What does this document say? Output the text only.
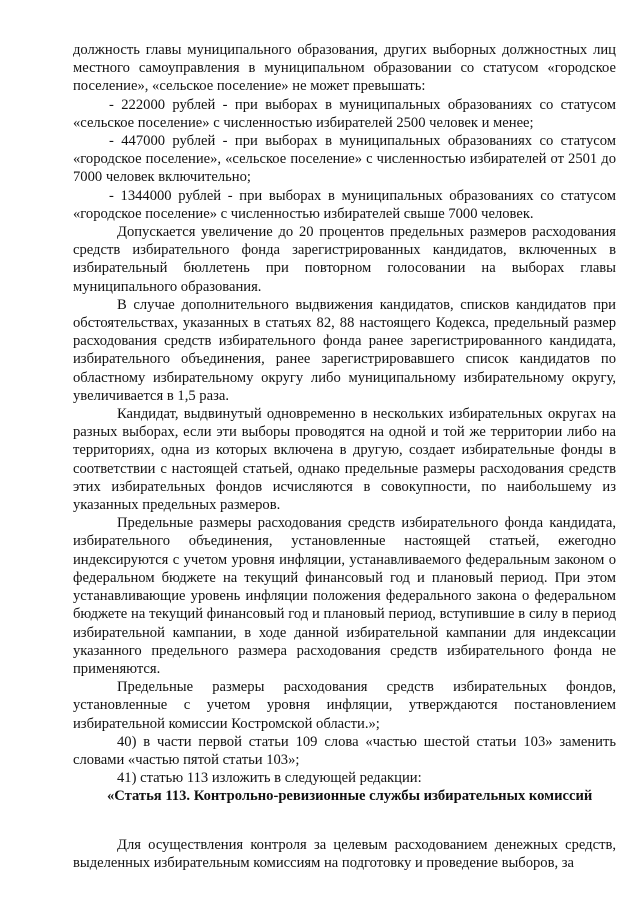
должность главы муниципального образования, других выборных должностных лиц местного самоуправления в муниципальном образовании со статусом «городское поселение», «сельское поселение» не может превышать:

- 222000 рублей - при выборах в муниципальных образованиях со статусом «сельское поселение» с численностью избирателей 2500 человек и менее;

- 447000 рублей - при выборах в муниципальных образованиях со статусом «городское поселение», «сельское поселение» с численностью избирателей от 2501 до 7000 человек включительно;

- 1344000 рублей - при выборах в муниципальных образованиях со статусом «городское поселение» с численностью избирателей свыше 7000 человек.

Допускается увеличение до 20 процентов предельных размеров расходования средств избирательного фонда зарегистрированных кандидатов, включенных в избирательный бюллетень при повторном голосовании на выборах главы муниципального образования.

В случае дополнительного выдвижения кандидатов, списков кандидатов при обстоятельствах, указанных в статьях 82, 88 настоящего Кодекса, предельный размер расходования средств избирательного фонда ранее зарегистрированного кандидата, избирательного объединения, ранее зарегистрировавшего список кандидатов по областному избирательному округу либо муниципальному избирательному округу, увеличивается в 1,5 раза.

Кандидат, выдвинутый одновременно в нескольких избирательных округах на разных выборах, если эти выборы проводятся на одной и той же территории либо на территориях, одна из которых включена в другую, создает избирательные фонды в соответствии с настоящей статьей, однако предельные размеры расходования средств этих избирательных фондов исчисляются в совокупности, по наибольшему из указанных предельных размеров.

Предельные размеры расходования средств избирательного фонда кандидата, избирательного объединения, установленные настоящей статьей, ежегодно индексируются с учетом уровня инфляции, устанавливаемого федеральным законом о федеральном бюджете на текущий финансовый год и плановый период. При этом устанавливающие уровень инфляции положения федерального закона о федеральном бюджете на текущий финансовый год и плановый период, вступившие в силу в период избирательной кампании, в ходе данной избирательной кампании для индексации указанного предельного размера расходования средств избирательного фонда не применяются.

Предельные размеры расходования средств избирательных фондов, установленные с учетом уровня инфляции, утверждаются постановлением избирательной комиссии Костромской области.»;

40) в части первой статьи 109 слова «частью шестой статьи 103» заменить словами «частью пятой статьи 103»;

41) статью 113 изложить в следующей редакции:

«Статья 113. Контрольно-ревизионные службы избирательных комиссий

Для осуществления контроля за целевым расходованием денежных средств, выделенных избирательным комиссиям на подготовку и проведение выборов, за
